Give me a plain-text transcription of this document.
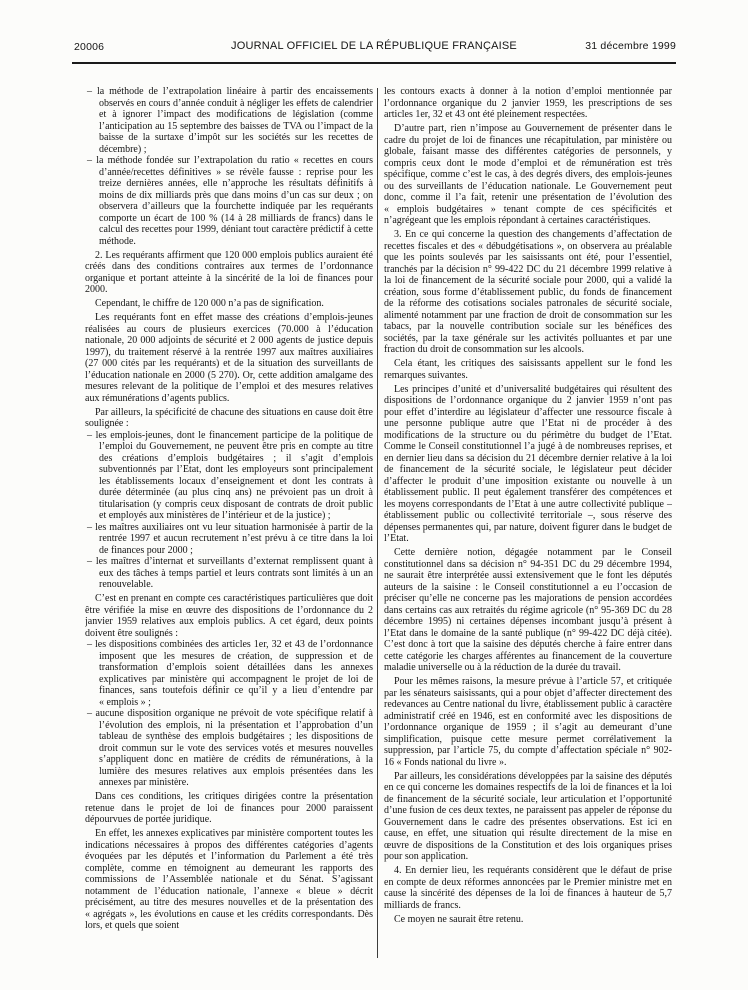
20006	JOURNAL OFFICIEL DE LA RÉPUBLIQUE FRANÇAISE	31 décembre 1999

– la méthode de l’extrapolation linéaire à partir des encaissements observés en cours d’année conduit à négliger les effets de calendrier et à ignorer l’impact des modifications de législation (comme l’anticipation au 15 septembre des baisses de TVA ou l’impact de la baisse de la surtaxe d’impôt sur les sociétés sur les recettes de décembre) ;

– la méthode fondée sur l’extrapolation du ratio « recettes en cours d’année/recettes définitives » se révèle fausse : reprise pour les treize dernières années, elle n’approche les résultats définitifs à moins de dix milliards près que dans moins d’un cas sur deux ; on observera d’ailleurs que la fourchette indiquée par les requérants comporte un écart de 100 % (14 à 28 milliards de francs) dans le calcul des recettes pour 1999, déniant tout caractère prédictif à cette méthode.

2. Les requérants affirment que 120 000 emplois publics auraient été créés dans des conditions contraires aux termes de l’ordonnance organique et portant atteinte à la sincérité de la loi de finances pour 2000.

Cependant, le chiffre de 120 000 n’a pas de signification.

Les requérants font en effet masse des créations d’emplois-jeunes réalisées au cours de plusieurs exercices (70.000 à l’éducation nationale, 20 000 adjoints de sécurité et 2 000 agents de justice depuis 1997), du traitement réservé à la rentrée 1997 aux maîtres auxiliaires (27 000 cités par les requérants) et de la situation des surveillants de l’éducation nationale en 2000 (5 270). Or, cette addition amalgame des mesures relevant de la politique de l’emploi et des mesures relatives aux rémunérations d’agents publics.

Par ailleurs, la spécificité de chacune des situations en cause doit être soulignée :

– les emplois-jeunes, dont le financement participe de la politique de l’emploi du Gouvernement, ne peuvent être pris en compte au titre des créations d’emplois budgétaires ; il s’agit d’emplois subventionnés par l’Etat, dont les employeurs sont principalement les établissements locaux d’enseignement et dont les contrats à durée déterminée (au plus cinq ans) ne prévoient pas un droit à titularisation (y compris ceux disposant de contrats de droit public et employés aux ministères de l’intérieur et de la justice) ;

– les maîtres auxiliaires ont vu leur situation harmonisée à partir de la rentrée 1997 et aucun recrutement n’est prévu à ce titre dans la loi de finances pour 2000 ;

– les maîtres d’internat et surveillants d’externat remplissent quant à eux des tâches à temps partiel et leurs contrats sont limités à un an renouvelable.

C’est en prenant en compte ces caractéristiques particulières que doit être vérifiée la mise en œuvre des dispositions de l’ordonnance du 2 janvier 1959 relatives aux emplois publics. A cet égard, deux points doivent être soulignés :

– les dispositions combinées des articles 1er, 32 et 43 de l’ordonnance imposent que les mesures de création, de suppression et de transformation d’emplois soient détaillées dans les annexes explicatives par ministère qui accompagnent le projet de loi de finances, sans toutefois définir ce qu’il y a lieu d’entendre par « emplois » ;

– aucune disposition organique ne prévoit de vote spécifique relatif à l’évolution des emplois, ni la présentation et l’approbation d’un tableau de synthèse des emplois budgétaires ; les dispositions de droit commun sur le vote des services votés et mesures nouvelles s’appliquent donc en matière de crédits de rémunérations, à la lumière des mesures relatives aux emplois présentées dans les annexes par ministère.

Dans ces conditions, les critiques dirigées contre la présentation retenue dans le projet de loi de finances pour 2000 paraissent dépourvues de portée juridique.

En effet, les annexes explicatives par ministère comportent toutes les indications nécessaires à propos des différentes catégories d’agents évoquées par les députés et l’information du Parlement a été très complète, comme en témoignent au demeurant les rapports des commissions de l’Assemblée nationale et du Sénat. S’agissant notamment de l’éducation nationale, l’annexe « bleue » décrit précisément, au titre des mesures nouvelles et de la présentation des « agrégats », les évolutions en cause et les crédits correspondants. Dès lors, et quels que soient

les contours exacts à donner à la notion d’emploi mentionnée par l’ordonnance organique du 2 janvier 1959, les prescriptions de ses articles 1er, 32 et 43 ont été pleinement respectées.

D’autre part, rien n’impose au Gouvernement de présenter dans le cadre du projet de loi de finances une récapitulation, par ministère ou globale, faisant masse des différentes catégories de personnels, y compris ceux dont le mode d’emploi et de rémunération est très spécifique, comme c’est le cas, à des degrés divers, des emplois-jeunes ou des surveillants de l’éducation nationale. Le Gouvernement peut donc, comme il l’a fait, retenir une présentation de l’évolution des « emplois budgétaires » tenant compte de ces spécificités et n’agrégeant que les emplois répondant à certaines caractéristiques.

3. En ce qui concerne la question des changements d’affectation de recettes fiscales et des « débudgétisations », on observera au préalable que les points soulevés par les saisissants ont été, pour l’essentiel, tranchés par la décision n° 99-422 DC du 21 décembre 1999 relative à la loi de financement de la sécurité sociale pour 2000, qui a validé la création, sous forme d’établissement public, du fonds de financement de la réforme des cotisations sociales patronales de sécurité sociale, alimenté notamment par une fraction de droit de consommation sur les tabacs, par la nouvelle contribution sociale sur les bénéfices des sociétés, par la taxe générale sur les activités polluantes et par une fraction du droit de consommation sur les alcools.

Cela étant, les critiques des saisissants appellent sur le fond les remarques suivantes.

Les principes d’unité et d’universalité budgétaires qui résultent des dispositions de l’ordonnance organique du 2 janvier 1959 n’ont pas pour effet d’interdire au législateur d’affecter une ressource fiscale à une personne publique autre que l’Etat ni de procéder à des modifications de la structure ou du périmètre du budget de l’Etat. Comme le Conseil constitutionnel l’a jugé à de nombreuses reprises, et en dernier lieu dans sa décision du 21 décembre dernier relative à la loi de financement de la sécurité sociale, le législateur peut décider d’affecter le produit d’une imposition existante ou nouvelle à un établissement public. Il peut également transférer des compétences et les moyens correspondants de l’Etat à une autre collectivité publique – établissement public ou collectivité territoriale –, sous réserve des dépenses permanentes qui, par nature, doivent figurer dans le budget de l’Etat.

Cette dernière notion, dégagée notamment par le Conseil constitutionnel dans sa décision n° 94-351 DC du 29 décembre 1994, ne saurait être interprétée aussi extensivement que le font les députés auteurs de la saisine : le Conseil constitutionnel a eu l’occasion de préciser qu’elle ne concerne pas les majorations de pension accordées dans certains cas aux retraités du régime agricole (n° 95-369 DC du 28 décembre 1995) ni certaines dépenses incombant jusqu’à présent à l’Etat dans le domaine de la santé publique (n° 99-422 DC déjà citée). C’est donc à tort que la saisine des députés cherche à faire entrer dans cette catégorie les charges afférentes au financement de la couverture maladie universelle ou à la réduction de la durée du travail.

Pour les mêmes raisons, la mesure prévue à l’article 57, et critiquée par les sénateurs saisissants, qui a pour objet d’affecter directement des redevances au Centre national du livre, établissement public à caractère administratif créé en 1946, est en conformité avec les dispositions de l’ordonnance organique de 1959 ; il s’agit au demeurant d’une simplification, puisque cette mesure permet corrélativement la suppression, par l’article 75, du compte d’affectation spéciale n° 902-16 « Fonds national du livre ».

Par ailleurs, les considérations développées par la saisine des députés en ce qui concerne les domaines respectifs de la loi de finances et la loi de financement de la sécurité sociale, leur articulation et l’opportunité d’une fusion de ces deux textes, ne paraissent pas appeler de réponse du Gouvernement dans le cadre des présentes observations. Est ici en cause, en effet, une situation qui résulte directement de la mise en œuvre de dispositions de la Constitution et des lois organiques prises pour son application.

4. En dernier lieu, les requérants considèrent que le défaut de prise en compte de deux réformes annoncées par le Premier ministre met en cause la sincérité des dépenses de la loi de finances à hauteur de 5,7 milliards de francs.

Ce moyen ne saurait être retenu.
